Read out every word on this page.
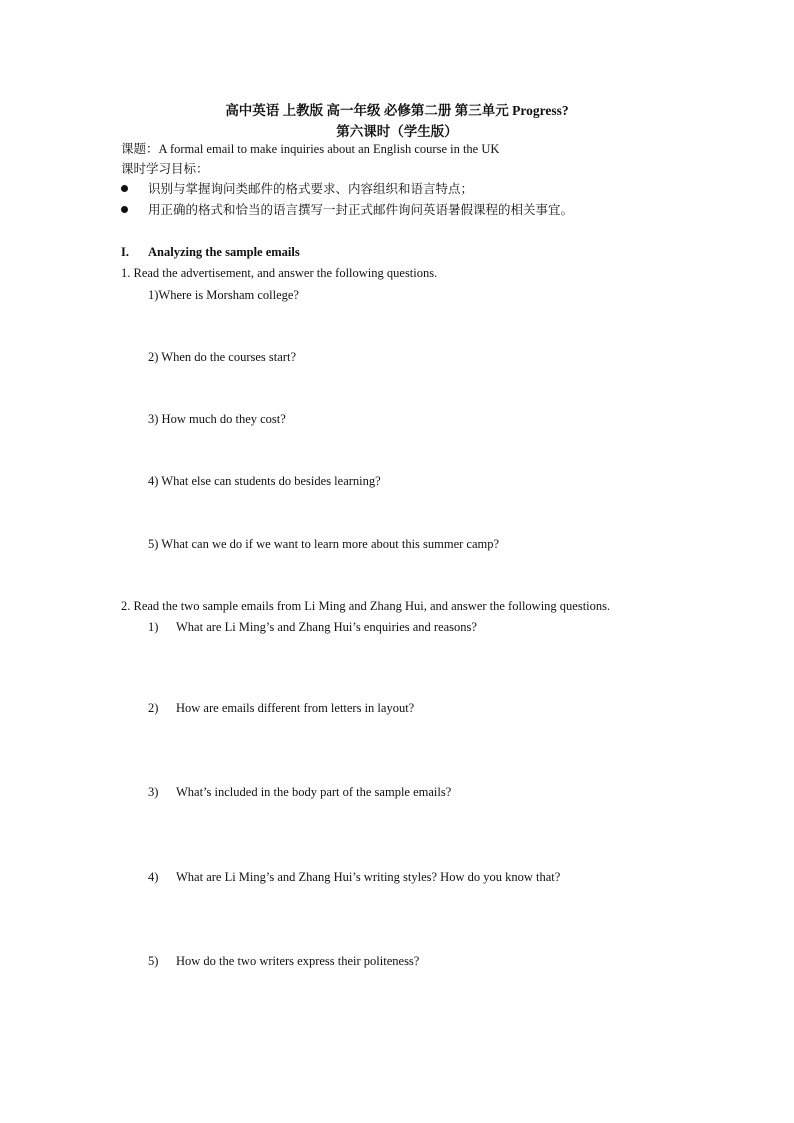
高中英语 上教版 高一年级 必修第二册 第三单元 Progress?
第六课时（学生版）
课题：A formal email to make inquiries about an English course in the UK
课时学习目标：
识别与掌握询问类邮件的格式要求、内容组织和语言特点；
用正确的格式和恰当的语言撰写一封正式邮件询问英语暑假课程的相关事宜。
I. Analyzing the sample emails
1. Read the advertisement, and answer the following questions.
1)Where is Morsham college?
2) When do the courses start?
3) How much do they cost?
4) What else can students do besides learning?
5) What can we do if we want to learn more about this summer camp?
2. Read the two sample emails from Li Ming and Zhang Hui, and answer the following questions.
1) What are Li Ming’s and Zhang Hui’s enquiries and reasons?
2) How are emails different from letters in layout?
3) What’s included in the body part of the sample emails?
4) What are Li Ming’s and Zhang Hui’s writing styles? How do you know that?
5) How do the two writers express their politeness?
